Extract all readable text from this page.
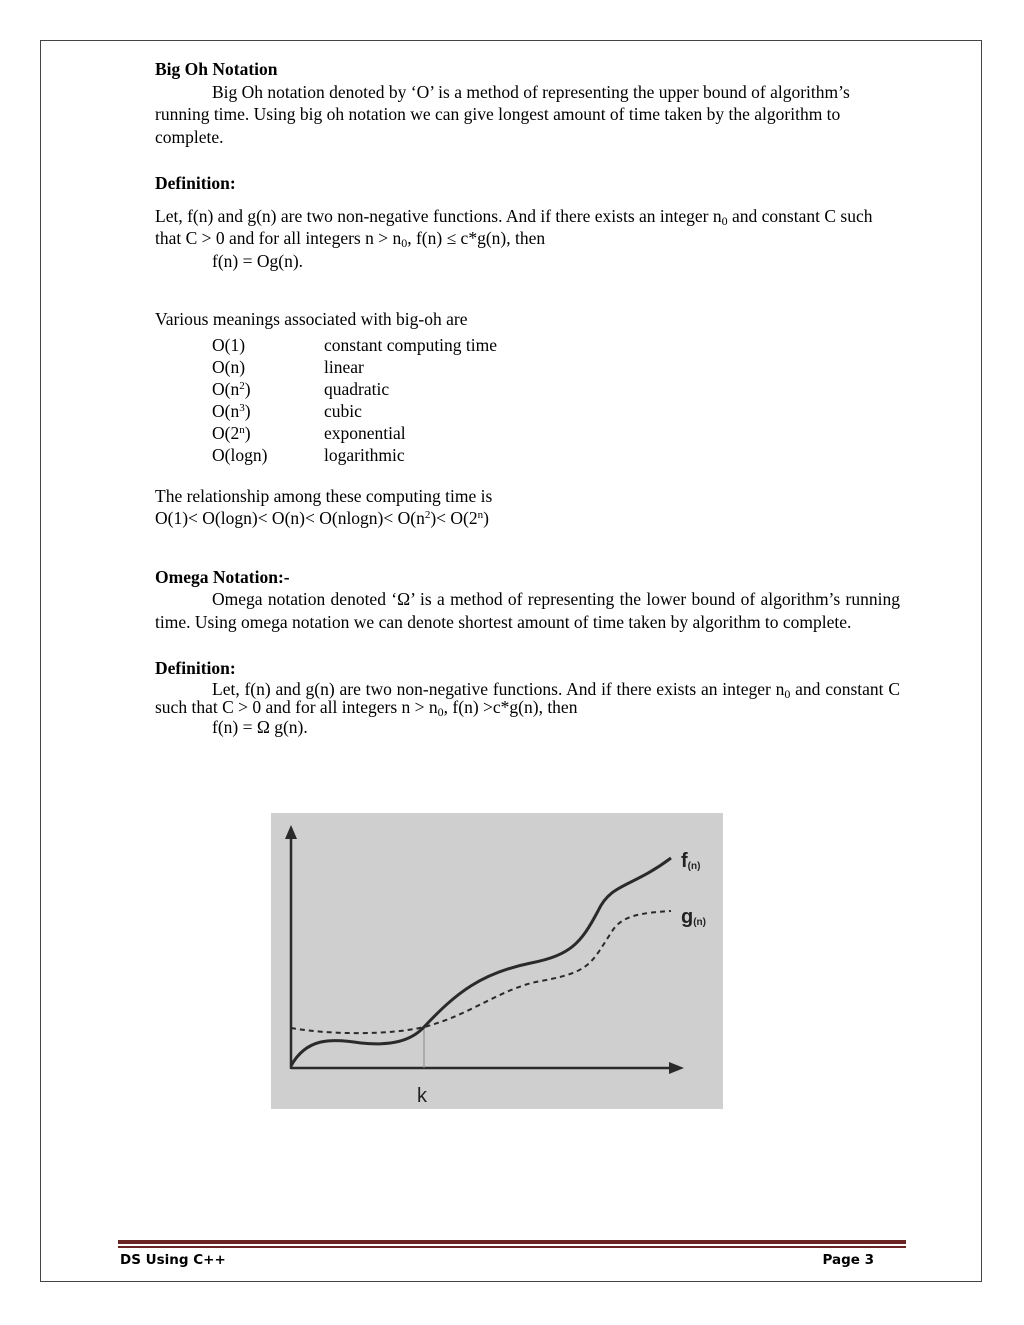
Big Oh Notation

Big Oh notation denoted by ‘O’ is a method of representing the upper bound of algorithm’s running time. Using big oh notation we can give longest amount of time taken by the algorithm to complete.

Definition:

Let, f(n) and g(n) are two non-negative functions. And if there exists an integer $n_0$ and constant C such that C > 0 and for all integers $n > n_0$, f(n) ≤ c*g(n), then

f(n) = Og(n).

Various meanings associated with big-oh are

O(1)	constant computing time
O(n)	linear
$O(n^2)$	quadratic
$O(n^3)$	cubic
O(2$^n$)	exponential
O(logn)	logarithmic

The relationship among these computing time is

$O(1)< O(\log n)< O(n)< O(nlogn)< O(n^2)< O(2^n)$

Omega Notation:-

Omega notation denoted ‘Ω’ is a method of representing the lower bound of algorithm’s running time. Using omega notation we can denote shortest amount of time taken by algorithm to complete.

Definition:

Let, f(n) and g(n) are two non-negative functions. And if there exists an integer $n_0$ and constant C such that C > 0 and for all integers $n > n_0$, f(n) >c*g(n), then

f(n) = Ω g(n).

f(n)
g(n)
k
DS Using C++	Page 3
